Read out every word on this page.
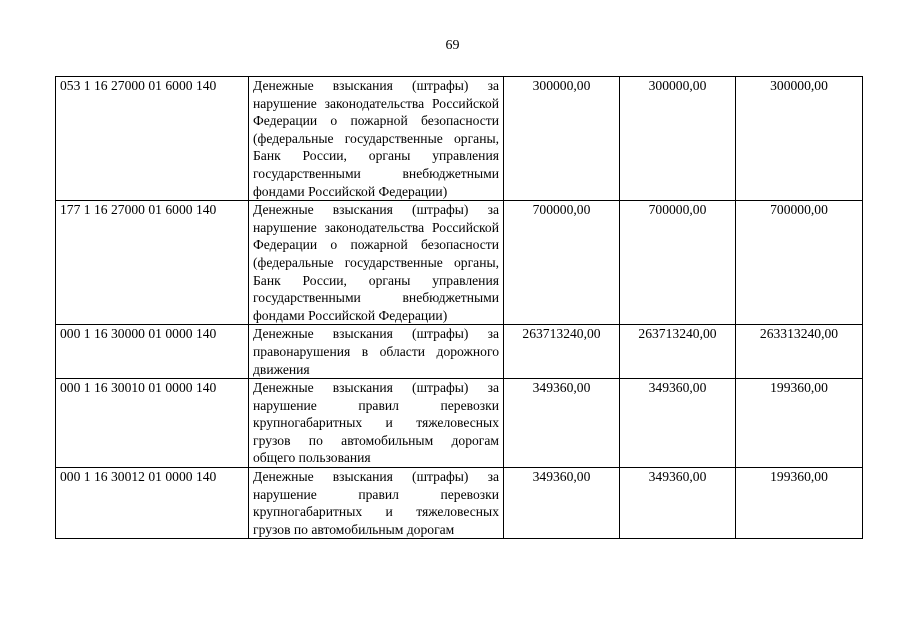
69
053 1 16 27000 01 6000 140	Денежные взыскания (штрафы) за нарушение законодательства Российской Федерации о пожарной безопасности (федеральные государственные органы, Банк России, органы управления государственными внебюджетными фондами Российской Федерации)	300000,00	300000,00	300000,00
177 1 16 27000 01 6000 140	Денежные взыскания (штрафы) за нарушение законодательства Российской Федерации о пожарной безопасности (федеральные государственные органы, Банк России, органы управления государственными внебюджетными фондами Российской Федерации)	700000,00	700000,00	700000,00
000 1 16 30000 01 0000 140	Денежные взыскания (штрафы) за правонарушения в области дорожного движения	263713240,00	263713240,00	263313240,00
000 1 16 30010 01 0000 140	Денежные взыскания (штрафы) за нарушение правил перевозки крупногабаритных и тяжеловесных грузов по автомобильным дорогам общего пользования	349360,00	349360,00	199360,00
000 1 16 30012 01 0000 140	Денежные взыскания (штрафы) за нарушение правил перевозки крупногабаритных и тяжеловесных грузов по автомобильным дорогам	349360,00	349360,00	199360,00
